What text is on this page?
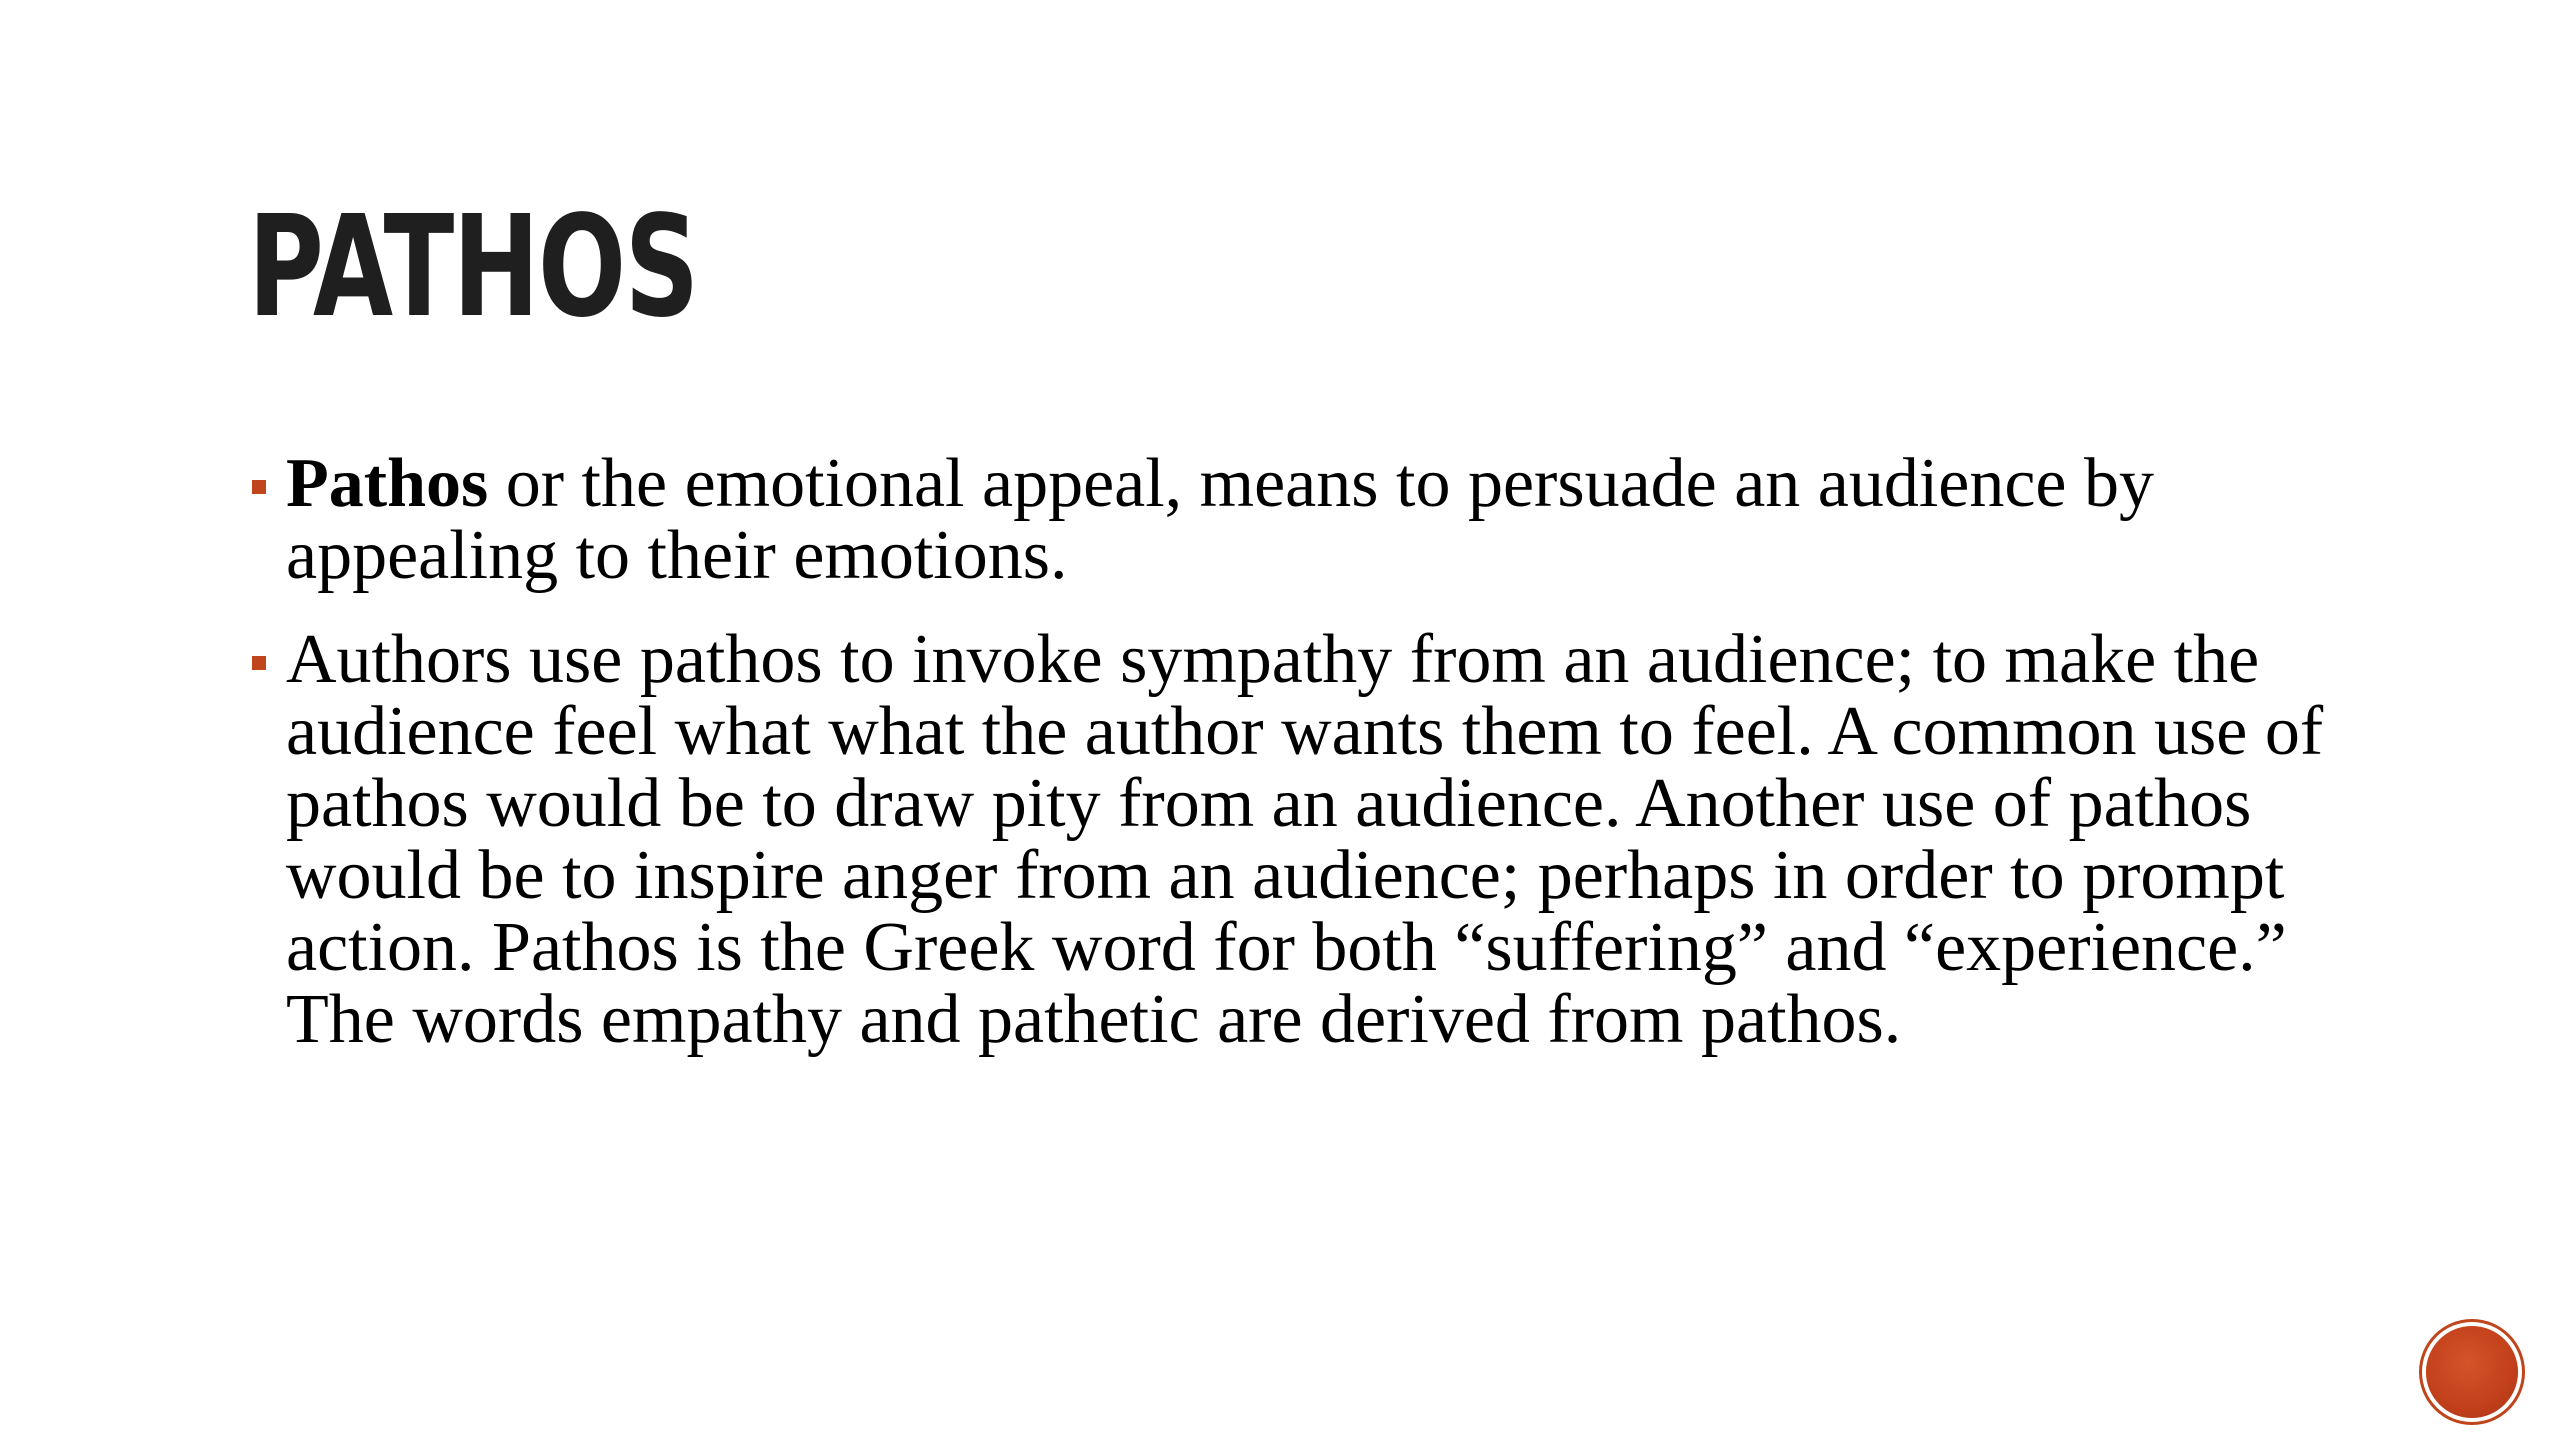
PATHOS
Pathos or the emotional appeal, means to persuade an audience by appealing to their emotions.
Authors use pathos to invoke sympathy from an audience; to make the audience feel what what the author wants them to feel. A common use of pathos would be to draw pity from an audience. Another use of pathos would be to inspire anger from an audience; perhaps in order to prompt action. Pathos is the Greek word for both “suffering” and “experience.” The words empathy and pathetic are derived from pathos.
